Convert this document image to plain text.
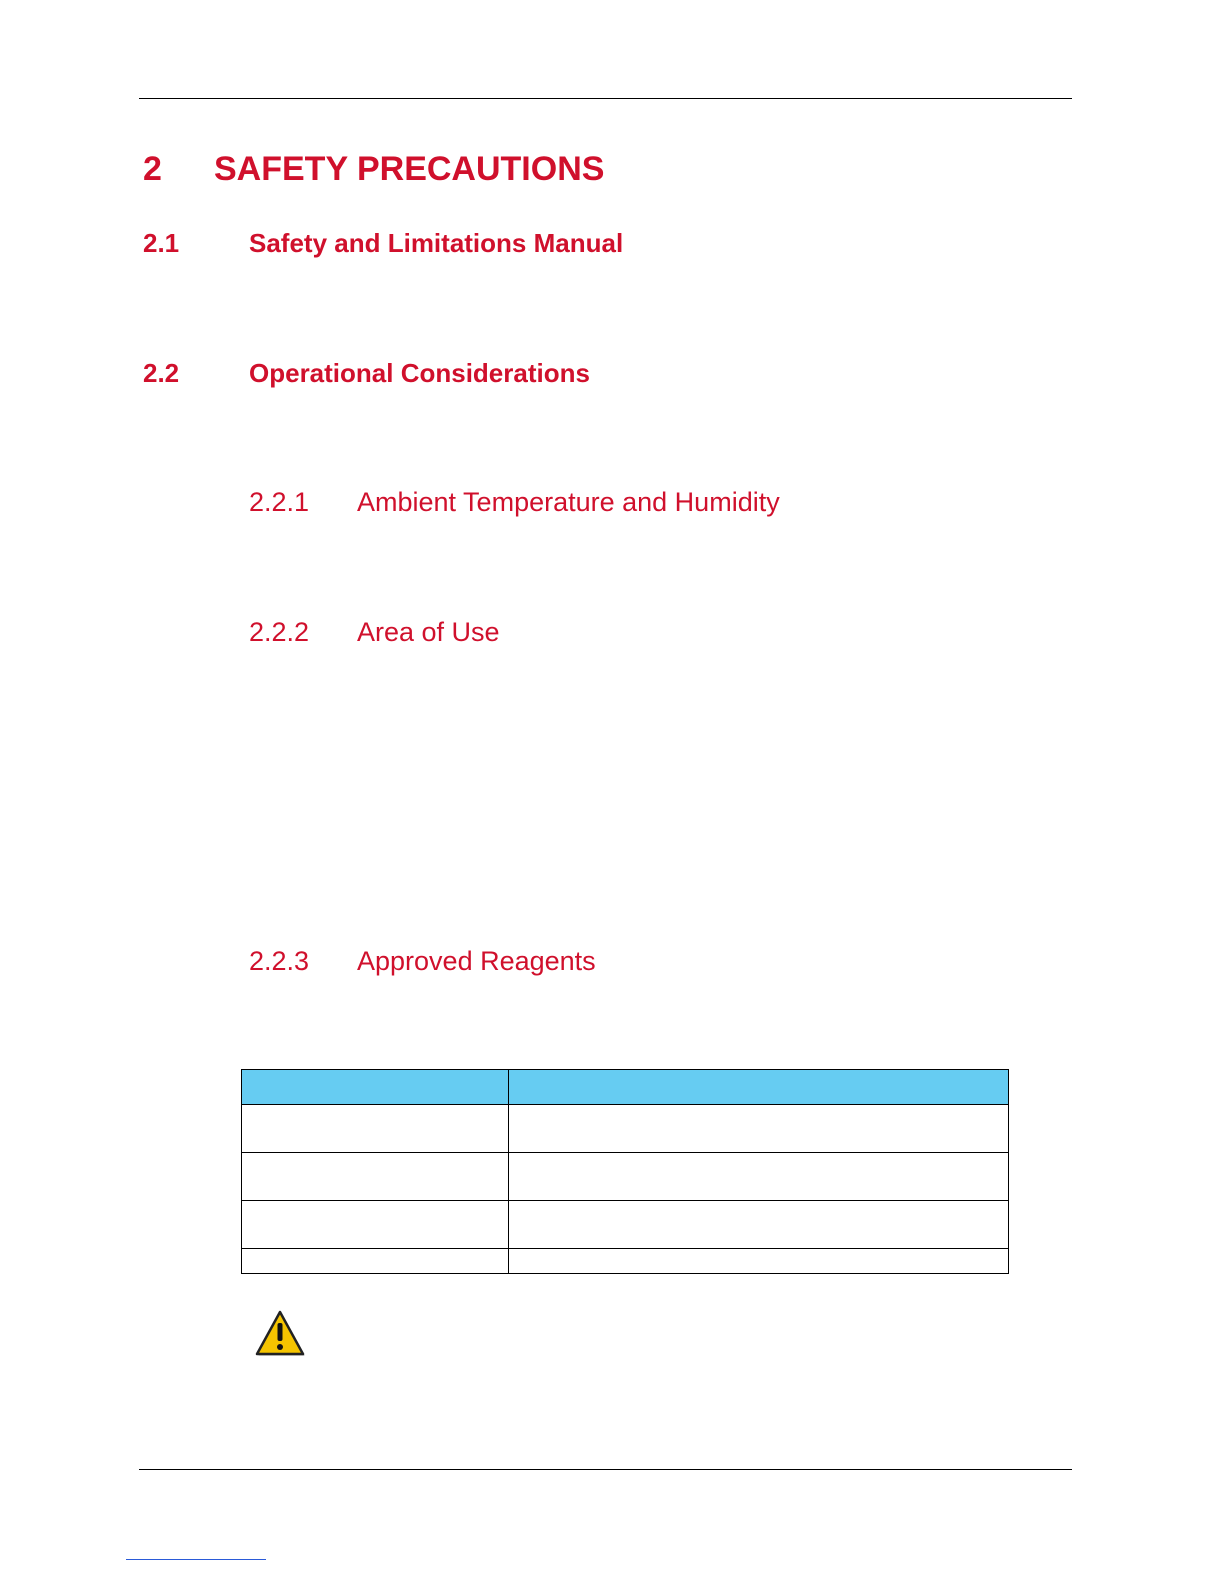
2 SAFETY PRECAUTIONS
2.1	Safety and Limitations Manual
2.2	Operational Considerations
2.2.1 Ambient Temperature and Humidity
2.2.2 Area of Use
2.2.3 Approved Reagents
